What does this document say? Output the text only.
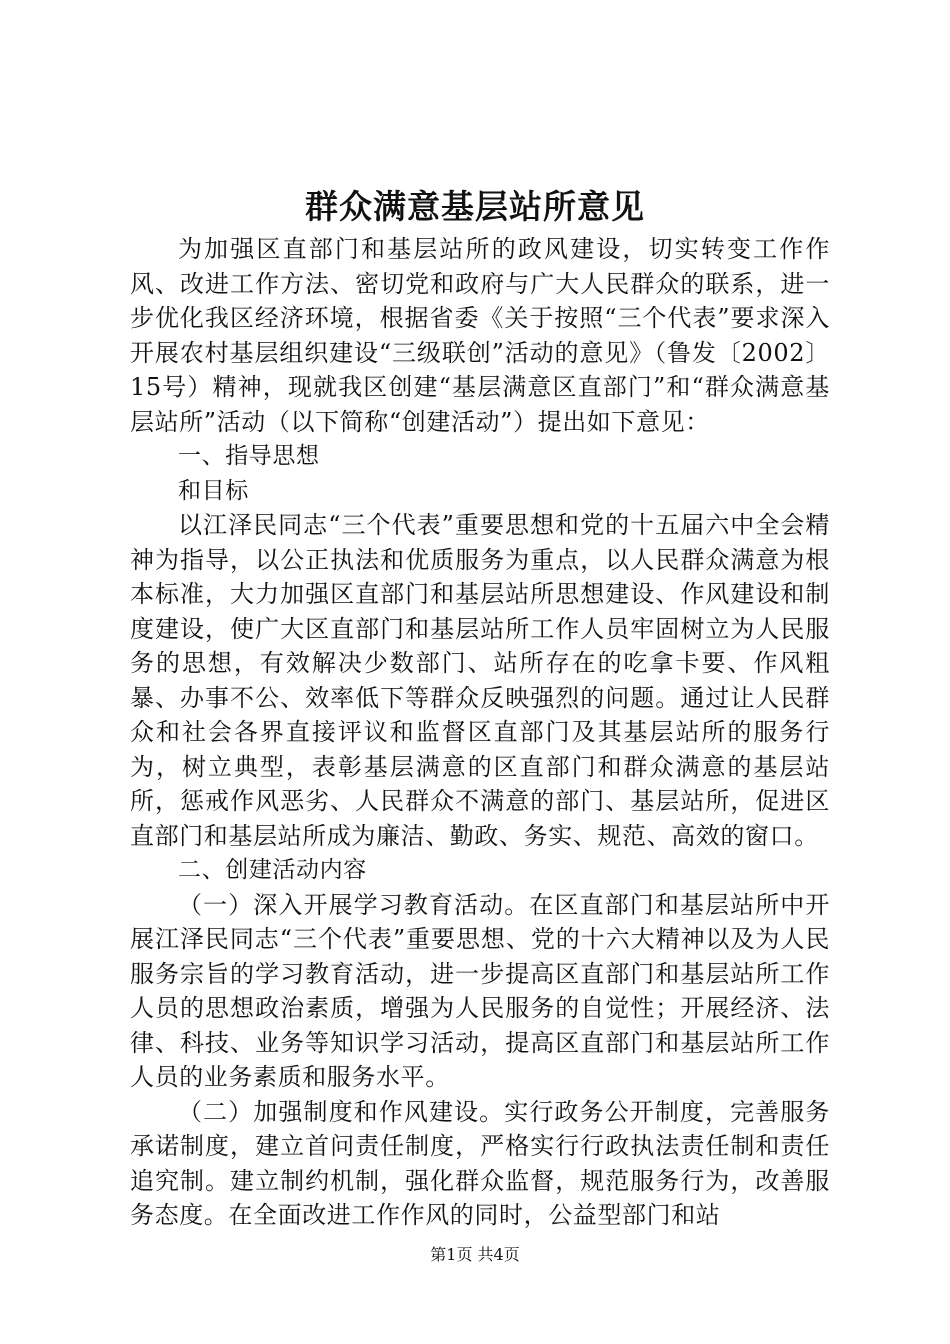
群众满意基层站所意见

为加强区直部门和基层站所的政风建设，切实转变工作作风、改进工作方法、密切党和政府与广大人民群众的联系，进一步优化我区经济环境，根据省委《关于按照“三个代表”要求深入开展农村基层组织建设“三级联创”活动的意见》（鲁发〔2002〕15号）精神，现就我区创建“基层满意区直部门”和“群众满意基层站所”活动（以下简称“创建活动”）提出如下意见：

一、指导思想

和目标

以江泽民同志“三个代表”重要思想和党的十五届六中全会精神为指导，以公正执法和优质服务为重点，以人民群众满意为根本标准，大力加强区直部门和基层站所思想建设、作风建设和制度建设，使广大区直部门和基层站所工作人员牢固树立为人民服务的思想，有效解决少数部门、站所存在的吃拿卡要、作风粗暴、办事不公、效率低下等群众反映强烈的问题。通过让人民群众和社会各界直接评议和监督区直部门及其基层站所的服务行为，树立典型，表彰基层满意的区直部门和群众满意的基层站所，惩戒作风恶劣、人民群众不满意的部门、基层站所，促进区直部门和基层站所成为廉洁、勤政、务实、规范、高效的窗口。

二、创建活动内容

（一）深入开展学习教育活动。在区直部门和基层站所中开展江泽民同志“三个代表”重要思想、党的十六大精神以及为人民服务宗旨的学习教育活动，进一步提高区直部门和基层站所工作人员的思想政治素质，增强为人民服务的自觉性；开展经济、法律、科技、业务等知识学习活动，提高区直部门和基层站所工作人员的业务素质和服务水平。

（二）加强制度和作风建设。实行政务公开制度，完善服务承诺制度，建立首问责任制度，严格实行行政执法责任制和责任追究制。建立制约机制，强化群众监督，规范服务行为，改善服务态度。在全面改进工作作风的同时，公益型部门和站

第1页 共4页
